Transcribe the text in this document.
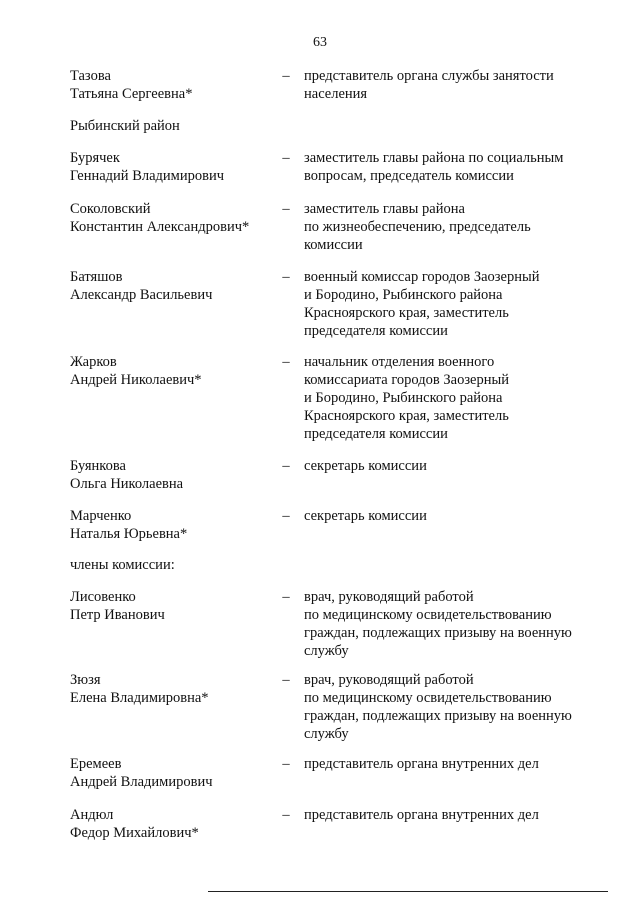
63
Тазова
Татьяна Сергеевна*
– представитель органа службы занятости
населения
Рыбинский район
Бурячек
Геннадий Владимирович
– заместитель главы района по социальным
вопросам, председатель комиссии
Соколовский
Константин Александрович*
– заместитель главы района
по жизнеобеспечению, председатель
комиссии
Батяшов
Александр Васильевич
– военный комиссар городов Заозерный
и Бородино, Рыбинского района
Красноярского края, заместитель
председателя комиссии
Жарков
Андрей Николаевич*
– начальник отделения военного
комиссариата городов Заозерный
и Бородино, Рыбинского района
Красноярского края, заместитель
председателя комиссии
Буянкова
Ольга Николаевна
– секретарь комиссии
Марченко
Наталья Юрьевна*
– секретарь комиссии
члены комиссии:
Лисовенко
Петр Иванович
– врач, руководящий работой
по медицинскому освидетельствованию
граждан, подлежащих призыву на военную
службу
Зюзя
Елена Владимировна*
– врач, руководящий работой
по медицинскому освидетельствованию
граждан, подлежащих призыву на военную
службу
Еремеев
Андрей Владимирович
– представитель органа внутренних дел
Андюл
Федор Михайлович*
– представитель органа внутренних дел
